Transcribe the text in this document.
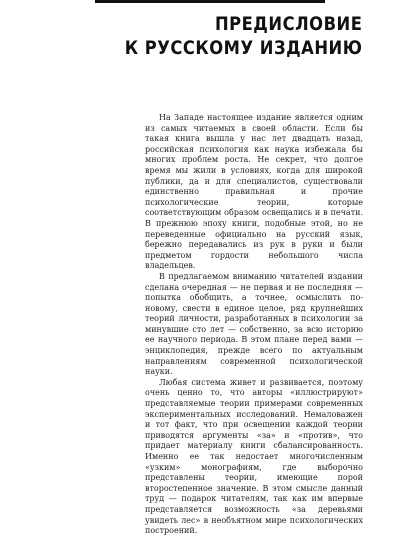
ПРЕДИСЛОВИЕ
К РУССКОМУ ИЗДАНИЮ

На Западе настоящее издание является одним из самых читаемых в своей области. Если бы такая книга вышла у нас лет двадцать назад, российская психология как наука избежала бы многих проблем роста. Не секрет, что долгое время мы жили в условиях, когда для широкой публики, да и для специалистов, существовали единственно правильная и прочие психологические теории, которые соответствующим образом освещались и в печати. В прежнюю эпоху книги, подобные этой, но не переведенные официально на русский язык, бережно передавались из рук в руки и были предметом гордости небольшого числа владельцев.

В предлагаемом вниманию читателей издании сделана очередная — не первая и не последняя — попытка обобщить, а точнее, осмыслить по-новому, свести в единое целое, ряд крупнейших теорий личности, разработанных в психологии за минувшие сто лет — собственно, за всю историю ее научного периода. В этом плане перед вами — энциклопедия, прежде всего по актуальным направлениям современной психологической науки.

Любая система живет и развивается, поэтому очень ценно то, что авторы «иллюстрируют» представляемые теории примерами современных экспериментальных исследований. Немаловажен и тот факт, что при освещении каждой теории приводятся аргументы «за» и «против», что придает материалу книги сбалансированность. Именно ее так недостает многочисленным «узким» монографиям, где выборочно представлены теории, имеющие порой второстепенное значение. В этом смысле данный труд — подарок читателям, так как им впервые представляется возможность «за деревьями увидеть лес» в необъятном мире психологических построений.
